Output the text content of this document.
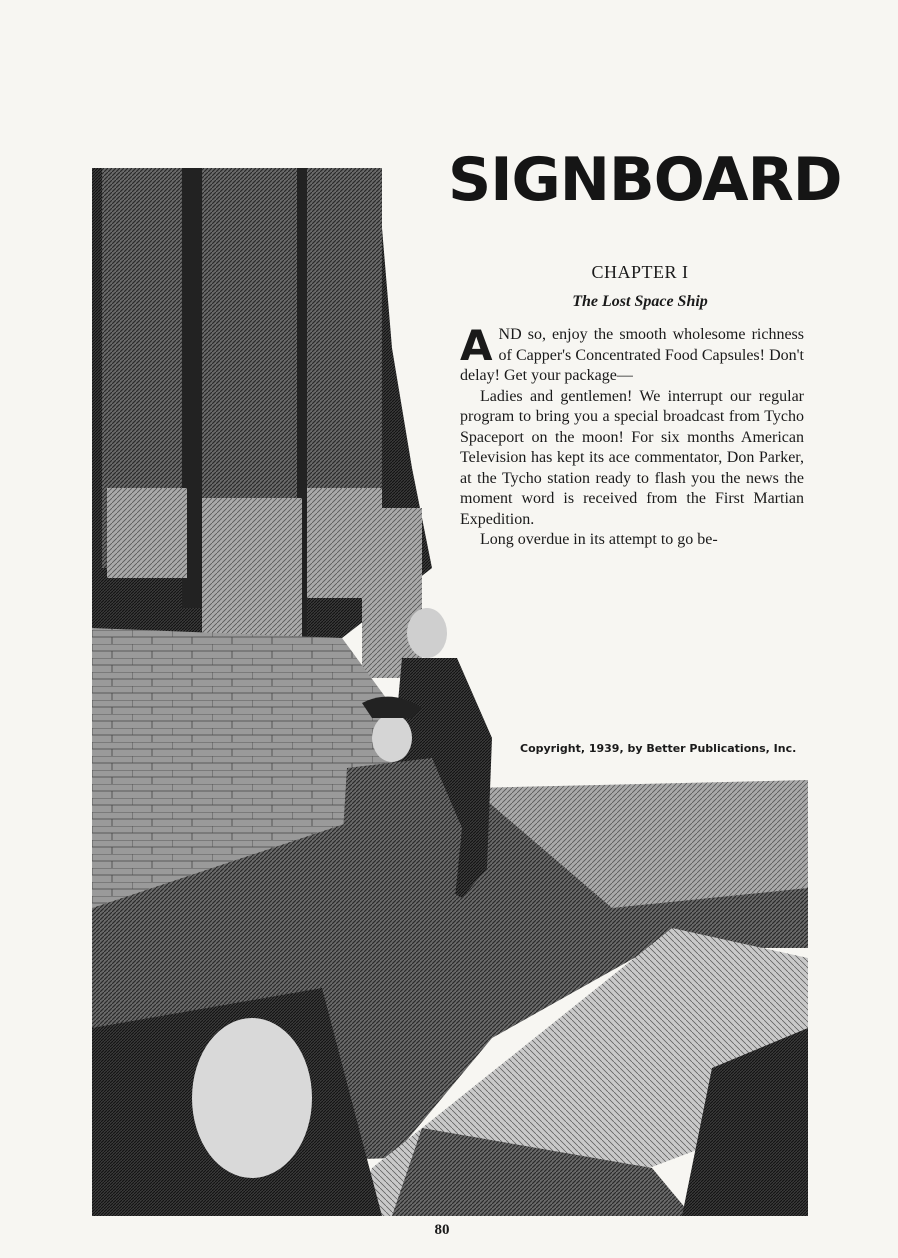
SIGNBOARD
CHAPTER I
The Lost Space Ship

AND so, enjoy the smooth wholesome richness of Capper's Concentrated Food Capsules! Don't delay! Get your package—

Ladies and gentlemen! We interrupt our regular program to bring you a special broadcast from Tycho Spaceport on the moon! For six months American Television has kept its ace commentator, Don Parker, at the Tycho station ready to flash you the news the moment word is received from the First Martian Expedition.

Long overdue in its attempt to go be-

Copyright, 1939, by Better Publications, Inc.
80
